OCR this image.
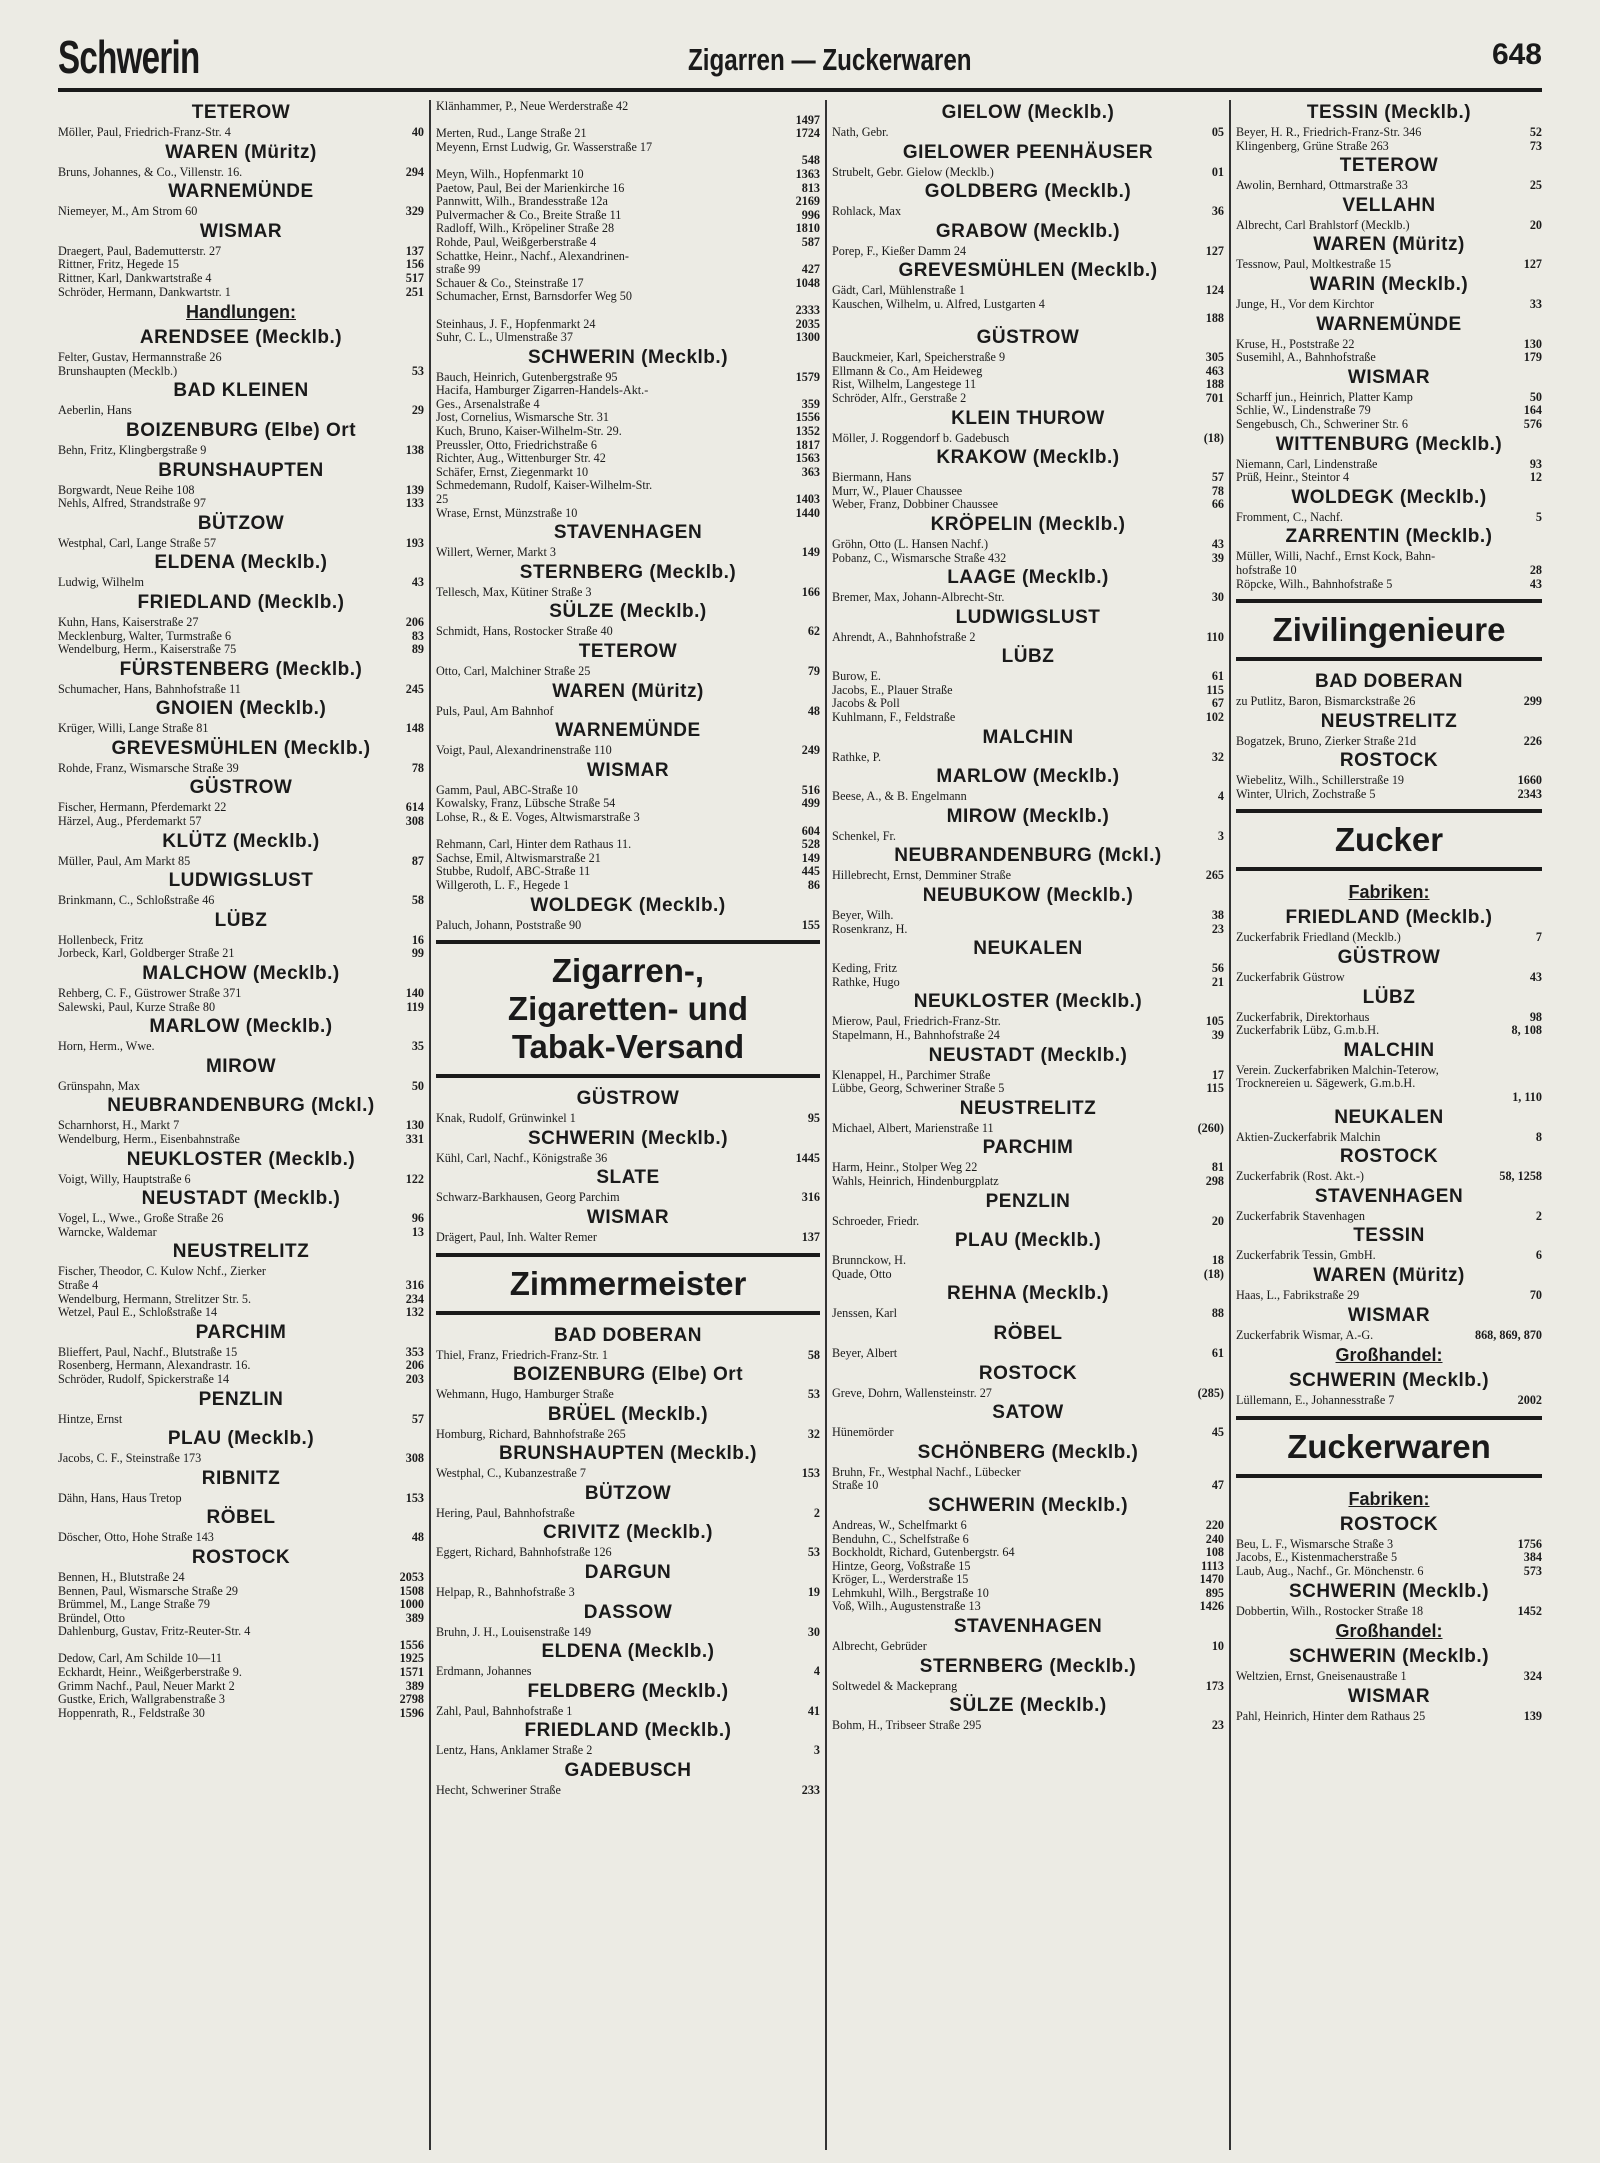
Schwerin	Zigarren — Zuckerwaren	648
TETEROW
Möller, Paul, Friedrich-Franz-Str. 4	40
WAREN (Müritz)
Bruns, Johannes, & Co., Villenstr. 16.	294
WARNEMÜNDE
Niemeyer, M., Am Strom 60	329
WISMAR
Draegert, Paul, Bademutterstr. 27	137
Rittner, Fritz, Hegede 15	156
Rittner, Karl, Dankwartstraße 4	517
Schröder, Hermann, Dankwartstr. 1	251
Handlungen:
ARENDSEE (Mecklb.)
Felter, Gustav, Hermannstraße 26
Brunshaupten (Mecklb.)	53
BAD KLEINEN
Aeberlin, Hans	29
BOIZENBURG (Elbe) Ort
Behn, Fritz, Klingbergstraße 9	138
BRUNSHAUPTEN
Borgwardt, Neue Reihe 108	139
Nehls, Alfred, Strandstraße 97	133
BÜTZOW
Westphal, Carl, Lange Straße 57	193
ELDENA (Mecklb.)
Ludwig, Wilhelm	43
FRIEDLAND (Mecklb.)
Kuhn, Hans, Kaiserstraße 27	206
Mecklenburg, Walter, Turmstraße 6	83
Wendelburg, Herm., Kaiserstraße 75	89
FÜRSTENBERG (Mecklb.)
Schumacher, Hans, Bahnhofstraße 11	245
GNOIEN (Mecklb.)
Krüger, Willi, Lange Straße 81	148
GREVESMÜHLEN (Mecklb.)
Rohde, Franz, Wismarsche Straße 39	78
GÜSTROW
Fischer, Hermann, Pferdemarkt 22	614
Härzel, Aug., Pferdemarkt 57	308
KLÜTZ (Mecklb.)
Müller, Paul, Am Markt 85	87
LUDWIGSLUST
Brinkmann, C., Schloßstraße 46	58
LÜBZ
Hollenbeck, Fritz	16
Jorbeck, Karl, Goldberger Straße 21	99
MALCHOW (Mecklb.)
Rehberg, C. F., Güstrower Straße 371	140
Salewski, Paul, Kurze Straße 80	119
MARLOW (Mecklb.)
Horn, Herm., Wwe.	35
MIROW
Grünspahn, Max	50
NEUBRANDENBURG (Mckl.)
Scharnhorst, H., Markt 7	130
Wendelburg, Herm., Eisenbahnstraße	331
NEUKLOSTER (Mecklb.)
Voigt, Willy, Hauptstraße 6	122
NEUSTADT (Mecklb.)
Vogel, L., Wwe., Große Straße 26	96
Warncke, Waldemar	13
NEUSTRELITZ
Fischer, Theodor, C. Kulow Nchf., Zierker
Straße 4	316
Wendelburg, Hermann, Strelitzer Str. 5.	234
Wetzel, Paul E., Schloßstraße 14	132
PARCHIM
Blieffert, Paul, Nachf., Blutstraße 15	353
Rosenberg, Hermann, Alexandrastr. 16.	206
Schröder, Rudolf, Spickerstraße 14	203
PENZLIN
Hintze, Ernst	57
PLAU (Mecklb.)
Jacobs, C. F., Steinstraße 173	308
RIBNITZ
Dähn, Hans, Haus Tretop	153
RÖBEL
Döscher, Otto, Hohe Straße 143	48
ROSTOCK
Bennen, H., Blutstraße 24	2053
Bennen, Paul, Wismarsche Straße 29	1508
Brümmel, M., Lange Straße 79	1000
Bründel, Otto	389
Dahlenburg, Gustav, Fritz-Reuter-Str. 4
1556
Dedow, Carl, Am Schilde 10—11	1925
Eckhardt, Heinr., Weißgerberstraße 9.	1571
Grimm Nachf., Paul, Neuer Markt 2	389
Gustke, Erich, Wallgrabenstraße 3	2798
Hoppenrath, R., Feldstraße 30	1596
Klänhammer, P., Neue Werderstraße 42
1497
Merten, Rud., Lange Straße 21	1724
Meyenn, Ernst Ludwig, Gr. Wasserstraße 17
548
Meyn, Wilh., Hopfenmarkt 10	1363
Paetow, Paul, Bei der Marienkirche 16	813
Pannwitt, Wilh., Brandesstraße 12a	2169
Pulvermacher & Co., Breite Straße 11	996
Radloff, Wilh., Kröpeliner Straße 28	1810
Rohde, Paul, Weißgerberstraße 4	587
Schattke, Heinr., Nachf., Alexandrinen-
straße 99	427
Schauer & Co., Steinstraße 17	1048
Schumacher, Ernst, Barnsdorfer Weg 50
2333
Steinhaus, J. F., Hopfenmarkt 24	2035
Suhr, C. L., Ulmenstraße 37	1300
SCHWERIN (Mecklb.)
Bauch, Heinrich, Gutenbergstraße 95	1579
Hacifa, Hamburger Zigarren-Handels-Akt.-
Ges., Arsenalstraße 4	359
Jost, Cornelius, Wismarsche Str. 31	1556
Kuch, Bruno, Kaiser-Wilhelm-Str. 29.	1352
Preussler, Otto, Friedrichstraße 6	1817
Richter, Aug., Wittenburger Str. 42	1563
Schäfer, Ernst, Ziegenmarkt 10	363
Schmedemann, Rudolf, Kaiser-Wilhelm-Str.
25	1403
Wrase, Ernst, Münzstraße 10	1440
STAVENHAGEN
Willert, Werner, Markt 3	149
STERNBERG (Mecklb.)
Tellesch, Max, Kütiner Straße 3	166
SÜLZE (Mecklb.)
Schmidt, Hans, Rostocker Straße 40	62
TETEROW
Otto, Carl, Malchiner Straße 25	79
WAREN (Müritz)
Puls, Paul, Am Bahnhof	48
WARNEMÜNDE
Voigt, Paul, Alexandrinenstraße 110	249
WISMAR
Gamm, Paul, ABC-Straße 10	516
Kowalsky, Franz, Lübsche Straße 54	499
Lohse, R., & E. Voges, Altwismarstraße 3
604
Rehmann, Carl, Hinter dem Rathaus 11.	528
Sachse, Emil, Altwismarstraße 21	149
Stubbe, Rudolf, ABC-Straße 11	445
Willgeroth, L. F., Hegede 1	86
WOLDEGK (Mecklb.)
Paluch, Johann, Poststraße 90	155
Zigarren-,
Zigaretten- und
Tabak-Versand
GÜSTROW
Knak, Rudolf, Grünwinkel 1	95
SCHWERIN (Mecklb.)
Kühl, Carl, Nachf., Königstraße 36	1445
SLATE
Schwarz-Barkhausen, Georg Parchim	316
WISMAR
Drägert, Paul, Inh. Walter Remer	137
Zimmermeister
BAD DOBERAN
Thiel, Franz, Friedrich-Franz-Str. 1	58
BOIZENBURG (Elbe) Ort
Wehmann, Hugo, Hamburger Straße	53
BRÜEL (Mecklb.)
Homburg, Richard, Bahnhofstraße 265	32
BRUNSHAUPTEN (Mecklb.)
Westphal, C., Kubanzestraße 7	153
BÜTZOW
Hering, Paul, Bahnhofstraße	2
CRIVITZ (Mecklb.)
Eggert, Richard, Bahnhofstraße 126	53
DARGUN
Helpap, R., Bahnhofstraße 3	19
DASSOW
Bruhn, J. H., Louisenstraße 149	30
ELDENA (Mecklb.)
Erdmann, Johannes	4
FELDBERG (Mecklb.)
Zahl, Paul, Bahnhofstraße 1	41
FRIEDLAND (Mecklb.)
Lentz, Hans, Anklamer Straße 2	3
GADEBUSCH
Hecht, Schweriner Straße	233
GIELOW (Mecklb.)
Nath, Gebr.	05
GIELOWER PEENHÄUSER
Strubelt, Gebr. Gielow (Mecklb.)	01
GOLDBERG (Mecklb.)
Rohlack, Max	36
GRABOW (Mecklb.)
Porep, F., Kießer Damm 24	127
GREVESMÜHLEN (Mecklb.)
Gädt, Carl, Mühlenstraße 1	124
Kauschen, Wilhelm, u. Alfred, Lustgarten 4
188
GÜSTROW
Bauckmeier, Karl, Speicherstraße 9	305
Ellmann & Co., Am Heideweg	463
Rist, Wilhelm, Langestege 11	188
Schröder, Alfr., Gerstraße 2	701
KLEIN THUROW
Möller, J. Roggendorf b. Gadebusch	(18)
KRAKOW (Mecklb.)
Biermann, Hans	57
Murr, W., Plauer Chaussee	78
Weber, Franz, Dobbiner Chaussee	66
KRÖPELIN (Mecklb.)
Gröhn, Otto (L. Hansen Nachf.)	43
Pobanz, C., Wismarsche Straße 432	39
LAAGE (Mecklb.)
Bremer, Max, Johann-Albrecht-Str.	30
LUDWIGSLUST
Ahrendt, A., Bahnhofstraße 2	110
LÜBZ
Burow, E.	61
Jacobs, E., Plauer Straße	115
Jacobs & Poll	67
Kuhlmann, F., Feldstraße	102
MALCHIN
Rathke, P.	32
MARLOW (Mecklb.)
Beese, A., & B. Engelmann	4
MIROW (Mecklb.)
Schenkel, Fr.	3
NEUBRANDENBURG (Mckl.)
Hillebrecht, Ernst, Demminer Straße	265
NEUBUKOW (Mecklb.)
Beyer, Wilh.	38
Rosenkranz, H.	23
NEUKALEN
Keding, Fritz	56
Rathke, Hugo	21
NEUKLOSTER (Mecklb.)
Mierow, Paul, Friedrich-Franz-Str.	105
Stapelmann, H., Bahnhofstraße 24	39
NEUSTADT (Mecklb.)
Klenappel, H., Parchimer Straße	17
Lübbe, Georg, Schweriner Straße 5	115
NEUSTRELITZ
Michael, Albert, Marienstraße 11	(260)
PARCHIM
Harm, Heinr., Stolper Weg 22	81
Wahls, Heinrich, Hindenburgplatz	298
PENZLIN
Schroeder, Friedr.	20
PLAU (Mecklb.)
Brunnckow, H.	18
Quade, Otto	(18)
REHNA (Mecklb.)
Jenssen, Karl	88
RÖBEL
Beyer, Albert	61
ROSTOCK
Greve, Dohrn, Wallensteinstr. 27	(285)
SATOW
Hünemörder	45
SCHÖNBERG (Mecklb.)
Bruhn, Fr., Westphal Nachf., Lübecker
Straße 10	47
SCHWERIN (Mecklb.)
Andreas, W., Schelfmarkt 6	220
Benduhn, C., Schelfstraße 6	240
Bockholdt, Richard, Gutenbergstr. 64	108
Hintze, Georg, Voßstraße 15	1113
Kröger, L., Werderstraße 15	1470
Lehmkuhl, Wilh., Bergstraße 10	895
Voß, Wilh., Augustenstraße 13	1426
STAVENHAGEN
Albrecht, Gebrüder	10
STERNBERG (Mecklb.)
Soltwedel & Mackeprang	173
SÜLZE (Mecklb.)
Bohm, H., Tribseer Straße 295	23
TESSIN (Mecklb.)
Beyer, H. R., Friedrich-Franz-Str. 346	52
Klingenberg, Grüne Straße 263	73
TETEROW
Awolin, Bernhard, Ottmarstraße 33	25
VELLAHN
Albrecht, Carl Brahlstorf (Mecklb.)	20
WAREN (Müritz)
Tessnow, Paul, Moltkestraße 15	127
WARIN (Mecklb.)
Junge, H., Vor dem Kirchtor	33
WARNEMÜNDE
Kruse, H., Poststraße 22	130
Susemihl, A., Bahnhofstraße	179
WISMAR
Scharff jun., Heinrich, Platter Kamp	50
Schlie, W., Lindenstraße 79	164
Sengebusch, Ch., Schweriner Str. 6	576
WITTENBURG (Mecklb.)
Niemann, Carl, Lindenstraße	93
Prüß, Heinr., Steintor 4	12
WOLDEGK (Mecklb.)
Fromment, C., Nachf.	5
ZARRENTIN (Mecklb.)
Müller, Willi, Nachf., Ernst Kock, Bahn-
hofstraße 10	28
Röpcke, Wilh., Bahnhofstraße 5	43
Zivilingenieure
BAD DOBERAN
zu Putlitz, Baron, Bismarckstraße 26	299
NEUSTRELITZ
Bogatzek, Bruno, Zierker Straße 21d	226
ROSTOCK
Wiebelitz, Wilh., Schillerstraße 19	1660
Winter, Ulrich, Zochstraße 5	2343
Zucker
Fabriken:
FRIEDLAND (Mecklb.)
Zuckerfabrik Friedland (Mecklb.)	7
GÜSTROW
Zuckerfabrik Güstrow	43
LÜBZ
Zuckerfabrik, Direktorhaus	98
Zuckerfabrik Lübz, G.m.b.H.	8, 108
MALCHIN
Verein. Zuckerfabriken Malchin-Teterow,
Trocknereien u. Sägewerk, G.m.b.H.
1, 110
NEUKALEN
Aktien-Zuckerfabrik Malchin	8
ROSTOCK
Zuckerfabrik (Rost. Akt.-)	58, 1258
STAVENHAGEN
Zuckerfabrik Stavenhagen	2
TESSIN
Zuckerfabrik Tessin, GmbH.	6
WAREN (Müritz)
Haas, L., Fabrikstraße 29	70
WISMAR
Zuckerfabrik Wismar, A.-G.	868, 869, 870
Großhandel:
SCHWERIN (Mecklb.)
Lüllemann, E., Johannesstraße 7	2002
Zuckerwaren
Fabriken:
ROSTOCK
Beu, L. F., Wismarsche Straße 3	1756
Jacobs, E., Kistenmacherstraße 5	384
Laub, Aug., Nachf., Gr. Mönchenstr. 6	573
SCHWERIN (Mecklb.)
Dobbertin, Wilh., Rostocker Straße 18	1452
Großhandel:
SCHWERIN (Mecklb.)
Weltzien, Ernst, Gneisenaustraße 1	324
WISMAR
Pahl, Heinrich, Hinter dem Rathaus 25	139
